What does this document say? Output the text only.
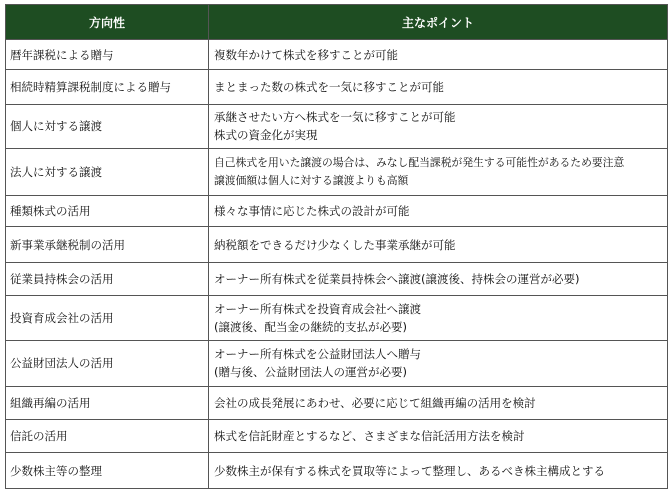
方向性	主なポイント
暦年課税による贈与	複数年かけて株式を移すことが可能

相続時精算課税制度による贈与	まとまった数の株式を一気に移すことが可能

個人に対する譲渡	承継させたい方へ株式を一気に移すことが可能
株式の資金化が実現

法人に対する譲渡	自己株式を用いた譲渡の場合は、みなし配当課税が発生する可能性があるため要注意
譲渡価額は個人に対する譲渡よりも高額

種類株式の活用	様々な事情に応じた株式の設計が可能

新事業承継税制の活用	納税額をできるだけ少なくした事業承継が可能

従業員持株会の活用	オーナー所有株式を従業員持株会へ譲渡(譲渡後、持株会の運営が必要)

投資育成会社の活用	オーナー所有株式を投資育成会社へ譲渡
(譲渡後、配当金の継続的支払が必要)

公益財団法人の活用	オーナー所有株式を公益財団法人へ贈与
(贈与後、公益財団法人の運営が必要)

組織再編の活用	会社の成長発展にあわせ、必要に応じて組織再編の活用を検討

信託の活用	株式を信託財産とするなど、さまざまな信託活用方法を検討

少数株主等の整理	少数株主が保有する株式を買取等によって整理し、あるべき株主構成とする
